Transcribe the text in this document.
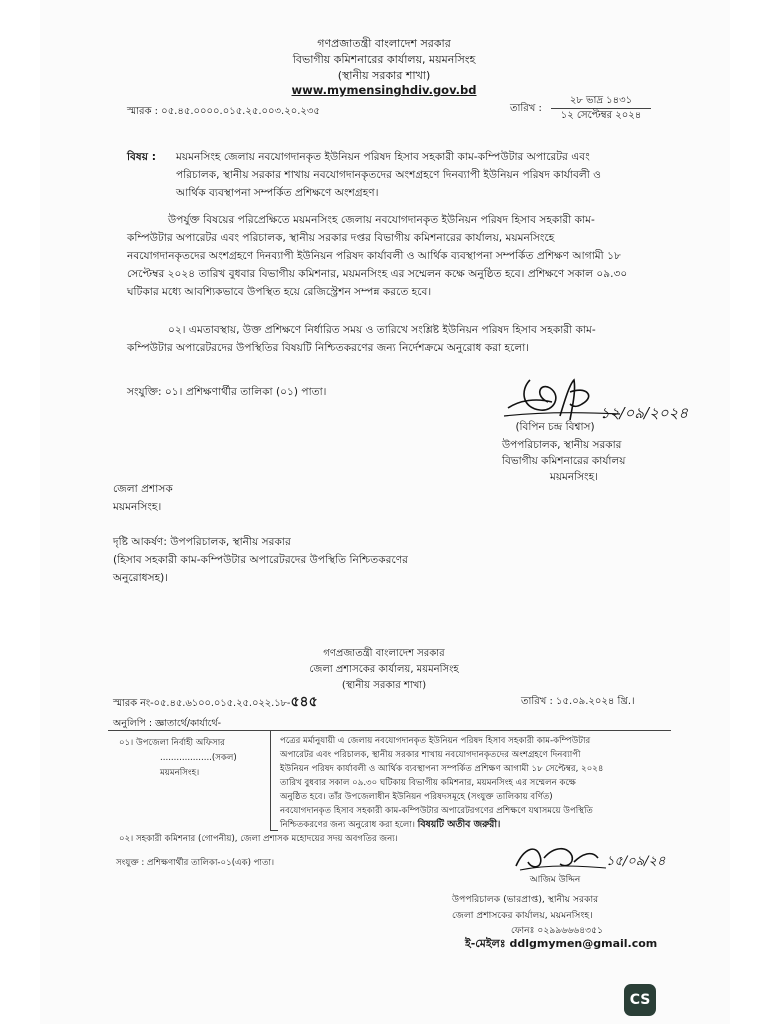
গণপ্রজাতন্ত্রী বাংলাদেশ সরকার
বিভাগীয় কমিশনারের কার্যালয়, ময়মনসিংহ
(স্থানীয় সরকার শাখা)
www.mymensinghdiv.gov.bd
স্মারক : ০৫.৪৫.০০০০.০১৫.২৫.০০৩.২০.২৩৫	তারিখ :
২৮ ভাদ্র ১৪৩১
১২ সেপ্টেম্বর ২০২৪
বিষয় : ময়মনসিংহ জেলায় নবযোগদানকৃত ইউনিয়ন পরিষদ হিসাব সহকারী কাম-কম্পিউটার অপারেটর এবং
পরিচালক, স্থানীয় সরকার শাখায় নবযোগদানকৃতদের অংশগ্রহণে দিনব্যাপী ইউনিয়ন পরিষদ কার্যাবলী ও
আর্থিক ব্যবস্থাপনা সম্পর্কিত প্রশিক্ষণে অংশগ্রহণ।
উপর্যুক্ত বিষয়ের পরিপ্রেক্ষিতে ময়মনসিংহ জেলায় নবযোগদানকৃত ইউনিয়ন পরিষদ হিসাব সহকারী কাম-
কম্পিউটার অপারেটর এবং পরিচালক, স্থানীয় সরকার দপ্তর বিভাগীয় কমিশনারের কার্যালয়, ময়মনসিংহে
নবযোগদানকৃতদের অংশগ্রহণে দিনব্যাপী ইউনিয়ন পরিষদ কার্যাবলী ও আর্থিক ব্যবস্থাপনা সম্পর্কিত প্রশিক্ষণ আগামী ১৮
সেপ্টেম্বর ২০২৪ তারিখ বুধবার বিভাগীয় কমিশনার, ময়মনসিংহ এর সম্মেলন কক্ষে অনুষ্ঠিত হবে। প্রশিক্ষণে সকাল ০৯.৩০
ঘটিকার মধ্যে আবশ্যিকভাবে উপস্থিত হয়ে রেজিস্ট্রেশন সম্পন্ন করতে হবে।
০২। এমতাবস্থায়, উক্ত প্রশিক্ষণে নির্ধারিত সময় ও তারিখে সংশ্লিষ্ট ইউনিয়ন পরিষদ হিসাব সহকারী কাম-
কম্পিউটার অপারেটরদের উপস্থিতির বিষয়টি নিশ্চিতকরণের জন্য নির্দেশক্রমে অনুরোধ করা হলো।
সংযুক্তি: ০১। প্রশিক্ষণার্থীর তালিকা (০১) পাতা।
১২/০৯/২০২৪
(বিপিন চন্দ্র বিশ্বাস)
উপপরিচালক, স্থানীয় সরকার
বিভাগীয় কমিশনারের কার্যালয়
ময়মনসিংহ।
জেলা প্রশাসক
ময়মনসিংহ।
দৃষ্টি আকর্ষণ: উপপরিচালক, স্থানীয় সরকার
(হিসাব সহকারী কাম-কম্পিউটার অপারেটরদের উপস্থিতি নিশ্চিতকরণের
অনুরোধসহ)।
গণপ্রজাতন্ত্রী বাংলাদেশ সরকার
জেলা প্রশাসকের কার্যালয়, ময়মনসিংহ
(স্থানীয় সরকার শাখা)
স্মারক নং-০৫.৪৫.৬১০০.০১৫.২৫.০২২.১৮-৫৪৫	তারিখ : ১৫.০৯.২০২৪ খ্রি.।
অনুলিপি : জ্ঞাতার্থে/কার্যার্থে-
০১। উপজেলা নির্বাহী অফিসার
...................(সকল)
ময়মনসিংহ।
পত্রের মর্মানুযায়ী এ জেলায় নবযোগদানকৃত ইউনিয়ন পরিষদ হিসাব সহকারী কাম-কম্পিউটার
অপারেটর এবং পরিচালক, স্থানীয় সরকার শাখায় নবযোগদানকৃতদের অংশগ্রহণে দিনব্যাপী
ইউনিয়ন পরিষদ কার্যাবলী ও আর্থিক ব্যবস্থাপনা সম্পর্কিত প্রশিক্ষণ আগামী ১৮ সেপ্টেম্বর, ২০২৪
তারিখ বুধবার সকাল ০৯.৩০ ঘটিকায় বিভাগীয় কমিশনার, ময়মনসিংহ এর সম্মেলন কক্ষে
অনুষ্ঠিত হবে। তাঁর উপজেলাধীন ইউনিয়ন পরিষদসমূহে (সংযুক্ত তালিকায় বর্ণিত)
নবযোগদানকৃত হিসাব সহকারী কাম-কম্পিউটার অপারেটরগণের প্রশিক্ষণে যথাসময়ে উপস্থিতি
নিশ্চিতকরণের জন্য অনুরোধ করা হলো। বিষয়টি অতীব জরুরী।
০২। সহকারী কমিশনার (গোপনীয়), জেলা প্রশাসক মহোদয়ের সদয় অবগতির জন্য।
সংযুক্ত : প্রশিক্ষণার্থীর তালিকা-০১(এক) পাতা।	১৫/০৯/২৪
আজিম উদ্দিন
উপপরিচালক (ভারপ্রাপ্ত), স্থানীয় সরকার
জেলা প্রশাসকের কার্যালয়, ময়মনসিংহ।
ফোনঃ ০২৯৯৬৬৬৪৩৫১
ই-মেইলঃ ddlgmymen@gmail.com
CS
